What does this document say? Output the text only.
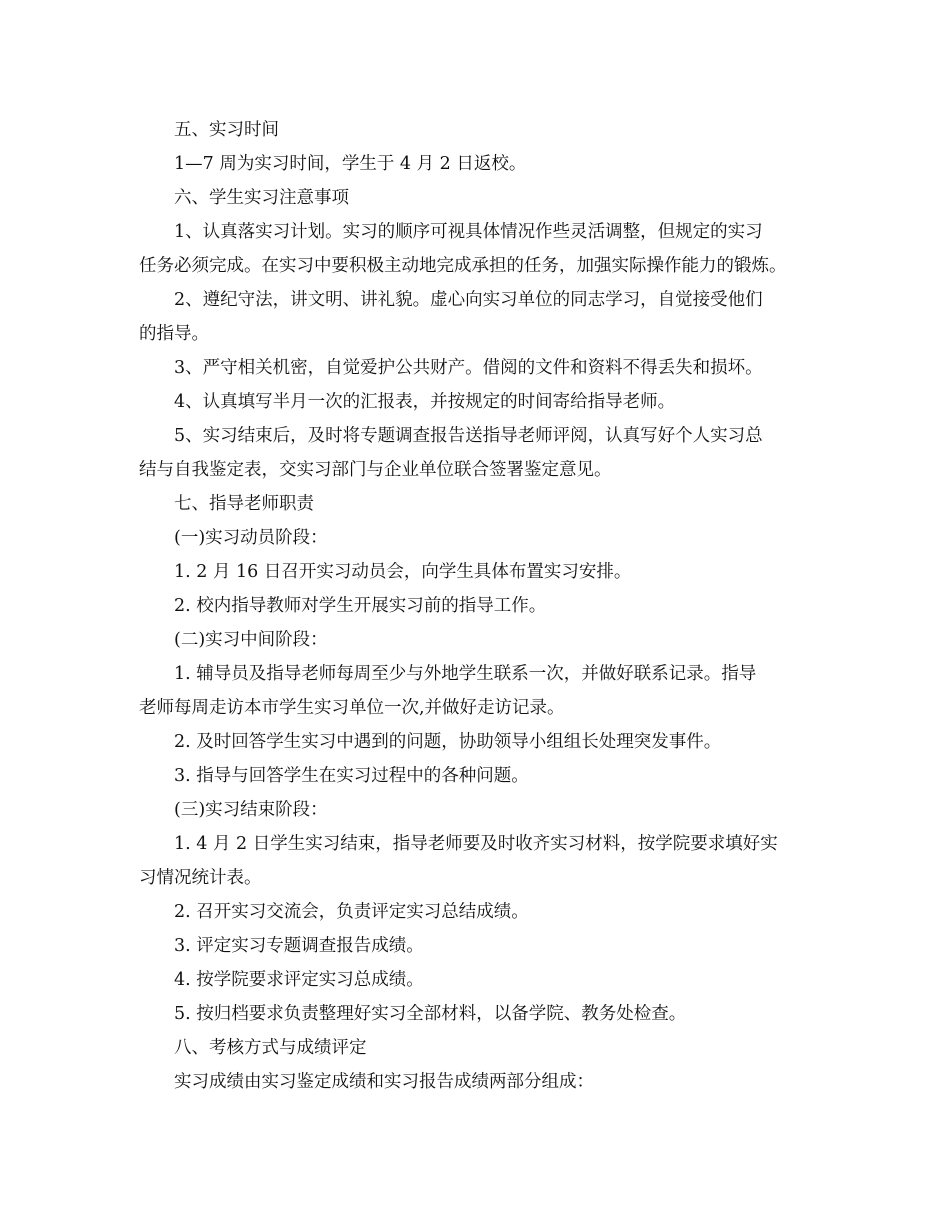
五、实习时间
1—7 周为实习时间，学生于 4 月 2 日返校。
六、学生实习注意事项
1、认真落实习计划。实习的顺序可视具体情况作些灵活调整，但规定的实习
任务必须完成。在实习中要积极主动地完成承担的任务，加强实际操作能力的锻炼。
2、遵纪守法，讲文明、讲礼貌。虚心向实习单位的同志学习，自觉接受他们
的指导。
3、严守相关机密，自觉爱护公共财产。借阅的文件和资料不得丢失和损坏。
4、认真填写半月一次的汇报表，并按规定的时间寄给指导老师。
5、实习结束后，及时将专题调查报告送指导老师评阅，认真写好个人实习总
结与自我鉴定表，交实习部门与企业单位联合签署鉴定意见。
七、指导老师职责
(一)实习动员阶段：
1. 2 月 16 日召开实习动员会，向学生具体布置实习安排。
2. 校内指导教师对学生开展实习前的指导工作。
(二)实习中间阶段：
1. 辅导员及指导老师每周至少与外地学生联系一次，并做好联系记录。指导
老师每周走访本市学生实习单位一次,并做好走访记录。
2. 及时回答学生实习中遇到的问题，协助领导小组组长处理突发事件。
3. 指导与回答学生在实习过程中的各种问题。
(三)实习结束阶段：
1. 4 月 2 日学生实习结束，指导老师要及时收齐实习材料，按学院要求填好实
习情况统计表。
2. 召开实习交流会，负责评定实习总结成绩。
3. 评定实习专题调查报告成绩。
4. 按学院要求评定实习总成绩。
5. 按归档要求负责整理好实习全部材料，以备学院、教务处检查。
八、考核方式与成绩评定
实习成绩由实习鉴定成绩和实习报告成绩两部分组成：
